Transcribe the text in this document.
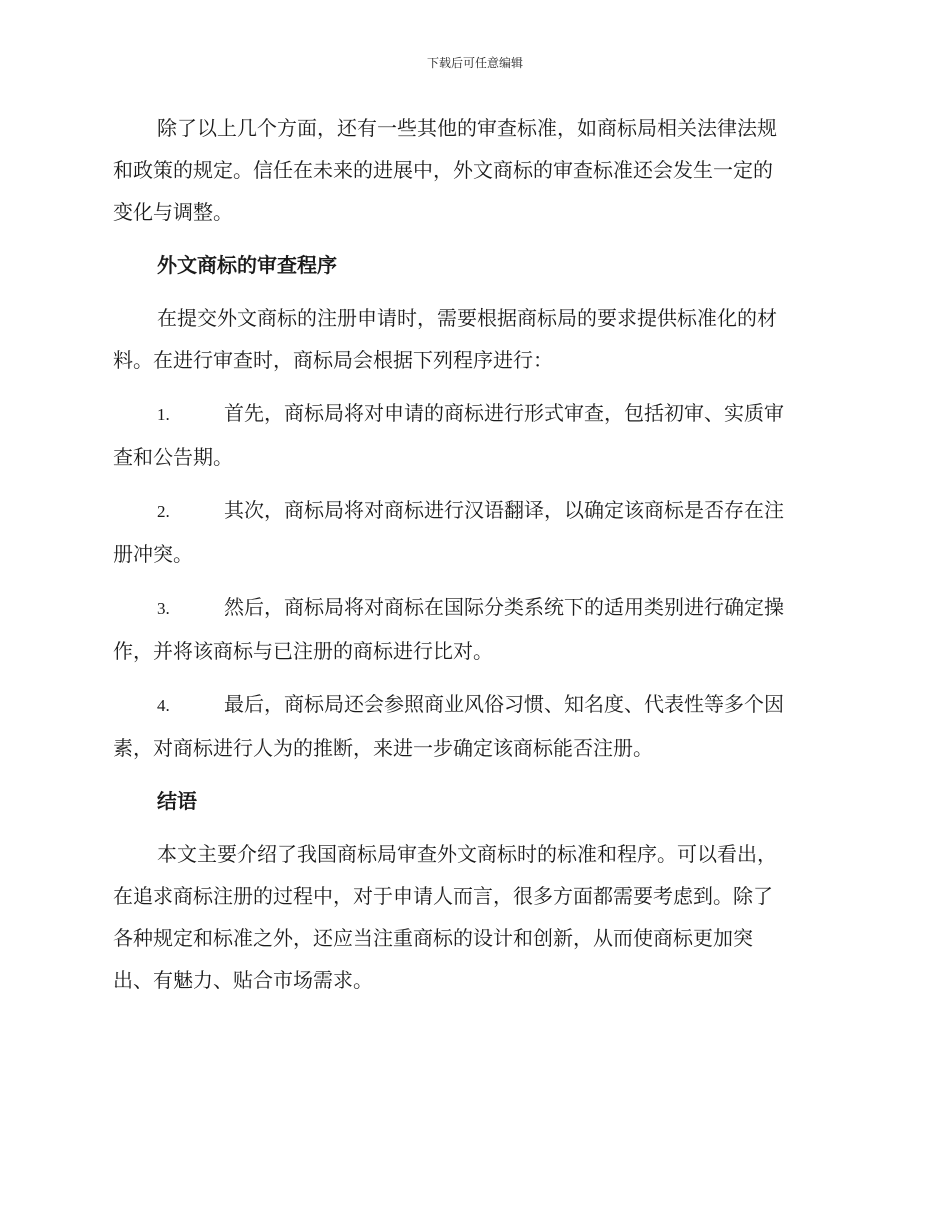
下载后可任意编辑

除了以上几个方面，还有一些其他的审查标准，如商标局相关法律法规
和政策的规定。信任在未来的进展中，外文商标的审查标准还会发生一定的
变化与调整。

外文商标的审查程序

在提交外文商标的注册申请时，需要根据商标局的要求提供标准化的材
料。在进行审查时，商标局会根据下列程序进行：

1.	首先，商标局将对申请的商标进行形式审查，包括初审、实质审
查和公告期。

2.	其次，商标局将对商标进行汉语翻译，以确定该商标是否存在注
册冲突。

3.	然后，商标局将对商标在国际分类系统下的适用类别进行确定操
作，并将该商标与已注册的商标进行比对。

4.	最后，商标局还会参照商业风俗习惯、知名度、代表性等多个因
素，对商标进行人为的推断，来进一步确定该商标能否注册。

结语

本文主要介绍了我国商标局审查外文商标时的标准和程序。可以看出，
在追求商标注册的过程中，对于申请人而言，很多方面都需要考虑到。除了
各种规定和标准之外，还应当注重商标的设计和创新，从而使商标更加突
出、有魅力、贴合市场需求。
